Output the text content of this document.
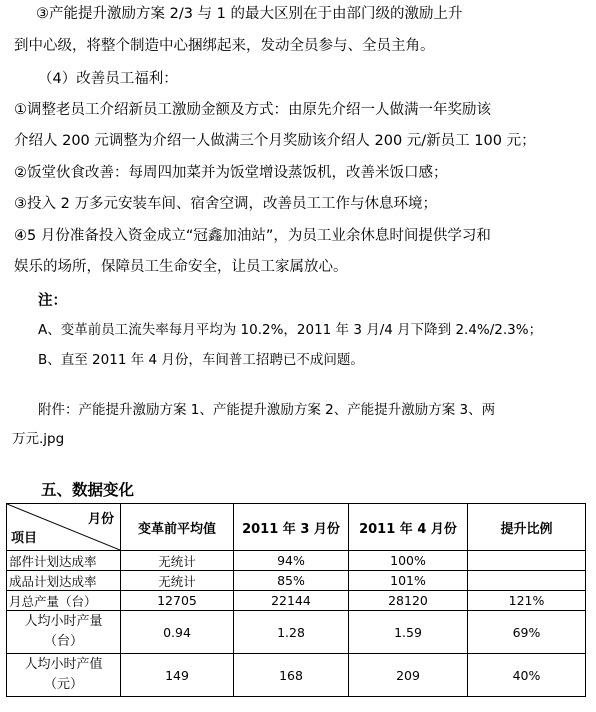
③产能提升激励方案 2/3 与 1 的最大区别在于由部门级的激励上升
到中心级，将整个制造中心捆绑起来，发动全员参与、全员主角。
（4）改善员工福利：
①调整老员工介绍新员工激励金额及方式：由原先介绍一人做满一年奖励该
介绍人 200 元调整为介绍一人做满三个月奖励该介绍人 200 元/新员工 100 元；
②饭堂伙食改善：每周四加菜并为饭堂增设蒸饭机，改善米饭口感；
③投入 2 万多元安装车间、宿舍空调，改善员工工作与休息环境；
④5 月份准备投入资金成立“冠鑫加油站”，为员工业余休息时间提供学习和
娱乐的场所，保障员工生命安全，让员工家属放心。
注：
A、变革前员工流失率每月平均为 10.2%，2011 年 3 月/4 月下降到 2.4%/2.3%；
B、直至 2011 年 4 月份，车间普工招聘已不成问题。
附件：产能提升激励方案 1、产能提升激励方案 2、产能提升激励方案 3、两
万元.jpg
五、数据变化
月份
项目	变革前平均值	2011 年 3 月份	2011 年 4 月份	提升比例
部件计划达成率	无统计	94%	100%	
成品计划达成率	无统计	85%	101%	
月总产量（台）	12705	22144	28120	121%
人均小时产量（台）	0.94	1.28	1.59	69%
人均小时产值（元）	149	168	209	40%
